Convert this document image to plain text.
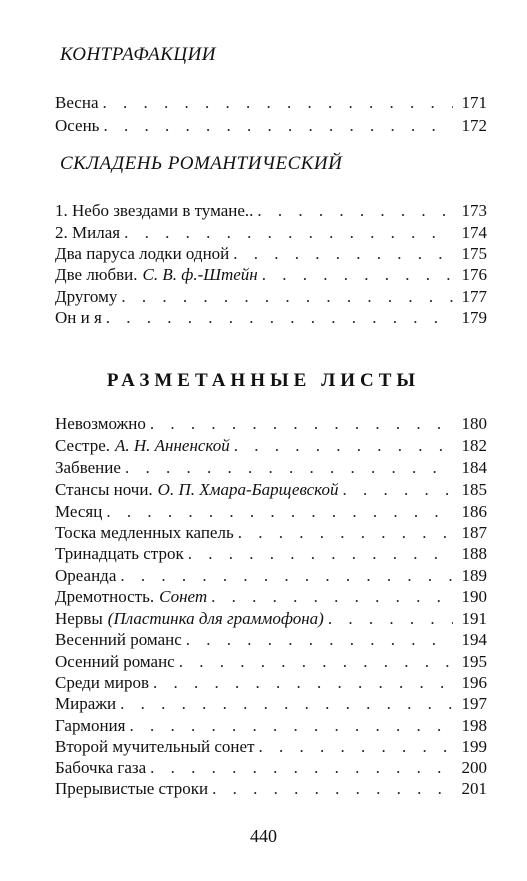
КОНТРАФАКЦИИ
Весна . . .	171
Осень . . .	172
СКЛАДЕНЬ РОМАНТИЧЕСКИЙ
1. Небо звездами в тумане.. . . .	173
2. Милая . . .	174
Два паруса лодки одной . . .	175
Две любви. С. В. ф.-Штейн . . .	176
Другому . . .	177
Он и я . . .	179
РАЗМЕТАННЫЕ ЛИСТЫ
Невозможно . . .	180
Сестре. А. Н. Анненской . . .	182
Забвение . . .	184
Стансы ночи. О. П. Хмара-Барщевской . . .	185
Месяц . . .	186
Тоска медленных капель . . .	187
Тринадцать строк . . .	188
Ореанда . . .	189
Дремотность. Сонет . . .	190
Нервы (Пластинка для граммофона) . . .	191
Весенний романс . . .	194
Осенний романс . . .	195
Среди миров . . .	196
Миражи . . .	197
Гармония . . .	198
Второй мучительный сонет . . .	199
Бабочка газа . . .	200
Прерывистые строки . . .	201
440
